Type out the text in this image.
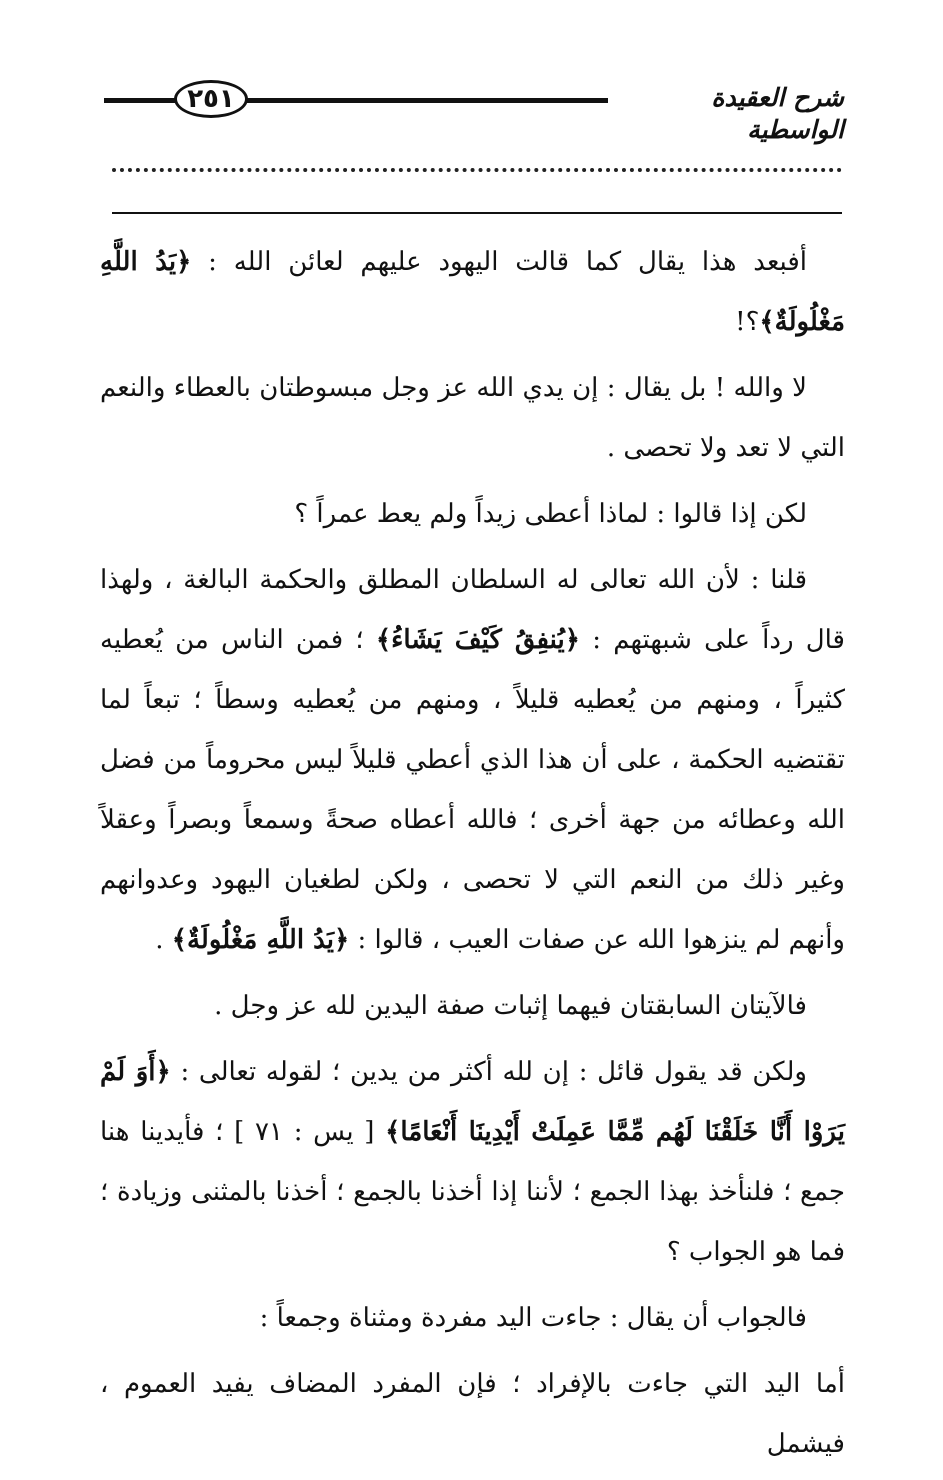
٢٥١	شرح العقيدة الواسطية

أفبعد هذا يقال كما قالت اليهود عليهم لعائن الله : ﴿يَدُ اللَّهِ مَغْلُولَةٌ﴾؟!

لا والله ! بل يقال : إن يدي الله عز وجل مبسوطتان بالعطاء والنعم التي لا تعد ولا تحصى .

لكن إذا قالوا : لماذا أعطى زيداً ولم يعط عمراً ؟

قلنا : لأن الله تعالى له السلطان المطلق والحكمة البالغة ، ولهذا قال رداً على شبهتهم : ﴿يُنفِقُ كَيْفَ يَشَاءُ﴾ ؛ فمن الناس من يُعطيه كثيراً ، ومنهم من يُعطيه قليلاً ، ومنهم من يُعطيه وسطاً ؛ تبعاً لما تقتضيه الحكمة ، على أن هذا الذي أعطي قليلاً ليس محروماً من فضل الله وعطائه من جهة أخرى ؛ فالله أعطاه صحةً وسمعاً وبصراً وعقلاً وغير ذلك من النعم التي لا تحصى ، ولكن لطغيان اليهود وعدوانهم وأنهم لم ينزهوا الله عن صفات العيب ، قالوا : ﴿يَدُ اللَّهِ مَغْلُولَةٌ﴾ .

فالآيتان السابقتان فيهما إثبات صفة اليدين لله عز وجل .

ولكن قد يقول قائل : إن لله أكثر من يدين ؛ لقوله تعالى : ﴿أَوَ لَمْ يَرَوْا أَنَّا خَلَقْنَا لَهُم مِّمَّا عَمِلَتْ أَيْدِينَا أَنْعَامًا﴾ [ يس : ٧١ ] ؛ فأيدينا هنا جمع ؛ فلنأخذ بهذا الجمع ؛ لأننا إذا أخذنا بالجمع ؛ أخذنا بالمثنى وزيادة ؛ فما هو الجواب ؟

فالجواب أن يقال : جاءت اليد مفردة ومثناة وجمعاً :

أما اليد التي جاءت بالإفراد ؛ فإن المفرد المضاف يفيد العموم ، فيشمل
